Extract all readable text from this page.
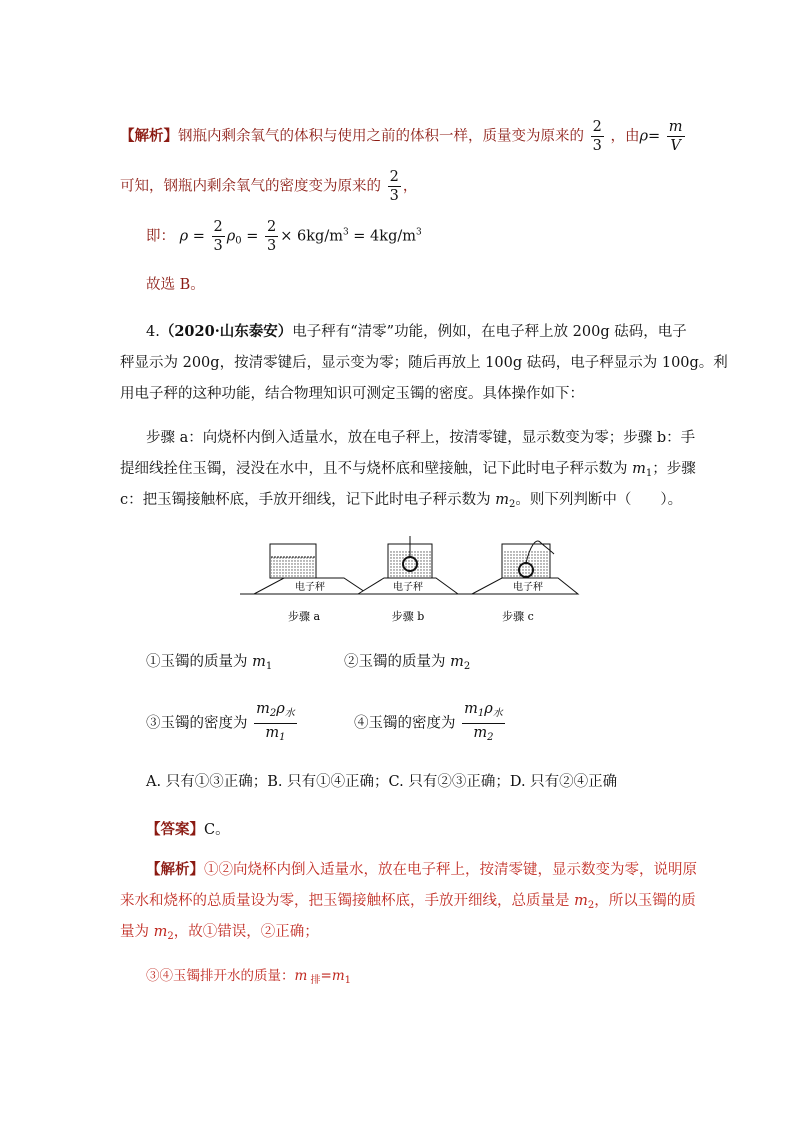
【解析】钢瓶内剩余氧气的体积与使用之前的体积一样，质量变为原来的 $\frac{2}{3}$ ，由$\rho= \frac{m}{V}$
可知，钢瓶内剩余氧气的密度变为原来的 $\frac{2}{3}$ ，
即： $\rho = \frac{2}{3} \rho_0 = \frac{2}{3} \times 6kg/m^3 = 4kg/m^3$
故选 B。
4.（2020·山东泰安）电子秤有“清零”功能，例如，在电子秤上放 200g 砝码，电子
秤显示为 200g，按清零键后，显示变为零；随后再放上 100g 砝码，电子秤显示为 100g。利
用电子秤的这种功能，结合物理知识可测定玉镯的密度。具体操作如下：
步骤 a：向烧杯内倒入适量水，放在电子秤上，按清零键，显示数变为零；步骤 b：手
提细线拴住玉镯，浸没在水中，且不与烧杯底和壁接触，记下此时电子秤示数为 $m_1$；步骤
c：把玉镯接触杯底，手放开细线，记下此时电子秤示数为 $m_2$。则下列判断中（　　）。
电子秤	电子秤	电子秤
步骤 a	步骤 b	步骤 c
①玉镯的质量为 $m_1$	②玉镯的质量为 $m_2$
③玉镯的密度为 $\frac{m_2\rho_水}{m_1}$	④玉镯的密度为 $\frac{m_1\rho_水}{m_2}$
A. 只有①③正确；B. 只有①④正确；C. 只有②③正确；D. 只有②④正确
【答案】C。
【解析】①②向烧杯内倒入适量水，放在电子秤上，按清零键，显示数变为零，说明原
来水和烧杯的总质量设为零，把玉镯接触杯底，手放开细线，总质量是 $m_2$，所以玉镯的质
量为 $m_2$，故①错误，②正确；
③④玉镯排开水的质量：m $_排=m_1$
